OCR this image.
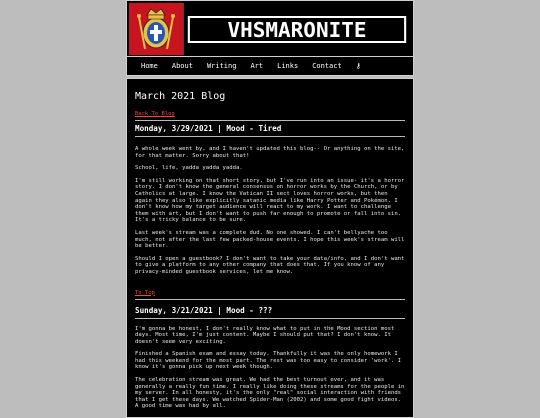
VHSMARONITE
Home About Writing Art Links Contact ⚷
March 2021 Blog
Back To Blog
Monday, 3/29/2021 | Mood - Tired

A whole week went by, and I haven't updated this blog-- Or anything on the site, for that matter. Sorry about that!

School, life, yadda yadda yadda.

I'm still working on that short story, but I've run into an issue- it's a horror story. I don't know the general consensus on horror works by the Church, or by Catholics at large. I know the Vatican II sect loves horror works, but then again they also like explicitly satanic media like Harry Potter and Pokémon. I don't know how my target audience will react to my work. I want to challenge them with art, but I don't want to push far enough to promote or fall into sin. It's a tricky balance to be sure.

Last week's stream was a complete dud. No one showed. I can't bellyache too much, not after the last few packed-house events. I hope this week's stream will be better.

Should I open a guestbook? I don't want to take your data/info, and I don't want to give a platform to any other company that does that. If you know of any privacy-minded guestbook services, let me know.

To Top
Sunday, 3/21/2021 | Mood - ???

I'm gonna be honest, I don't really know what to put in the Mood section most days. Most time, I'm just content. Maybe I should put that? I don't know. It doesn't seem very exciting.

Finished a Spanish exam and essay today. Thankfully it was the only homework I had this weekend for the most part. The rest was too easy to consider 'work'. I know it's gonna pick up next week though.

The celebration stream was great. We had the best turnout ever, and it was generally a really fun time. I really like doing these streams for the people in my server. In all honesty, it's the only "real" social interaction with friends that I get these days. We watched Spider-Man (2002) and some good fight videos. A good time was had by all.
